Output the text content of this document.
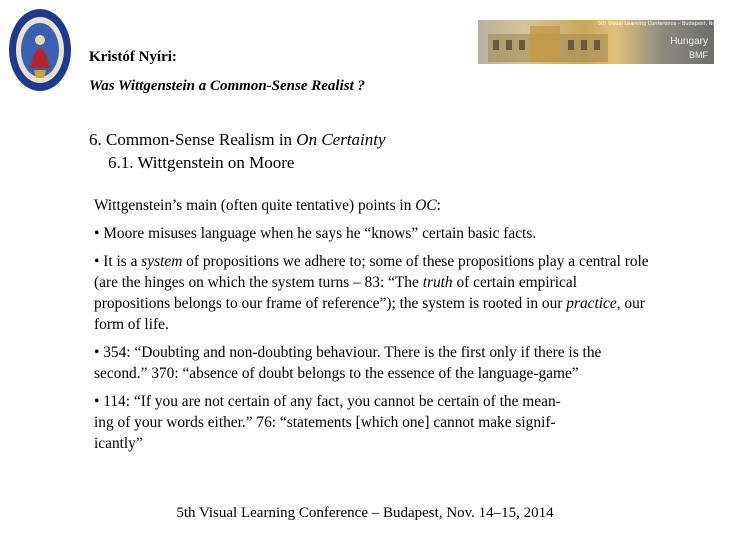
5th Visual Learning Conference – Budapest, Nov. 14–15, 2014
Hungary
BMF
Kristóf Nyíri:
Was Wittgenstein a Common-Sense Realist ?
6. Common-Sense Realism in On Certainty
6.1. Wittgenstein on Moore

Wittgenstein’s main (often quite tentative) points in OC:

• Moore misuses language when he says he “knows” certain basic facts.

• It is a system of propositions we adhere to; some of these propositions play a central role (are the hinges on which the system turns – 83: “The truth of certain empirical propositions belongs to our frame of reference”); the system is rooted in our practice, our form of life.

• 354: “Doubting and non-doubting behaviour. There is the first only if there is the second.” 370: “absence of doubt belongs to the essence of the language-game”

• 114: “If you are not certain of any fact, you cannot be certain of the mean-
ing of your words either.” 76: “statements [which one] cannot make signif-
icantly”

5th Visual Learning Conference – Budapest, Nov. 14–15, 2014
